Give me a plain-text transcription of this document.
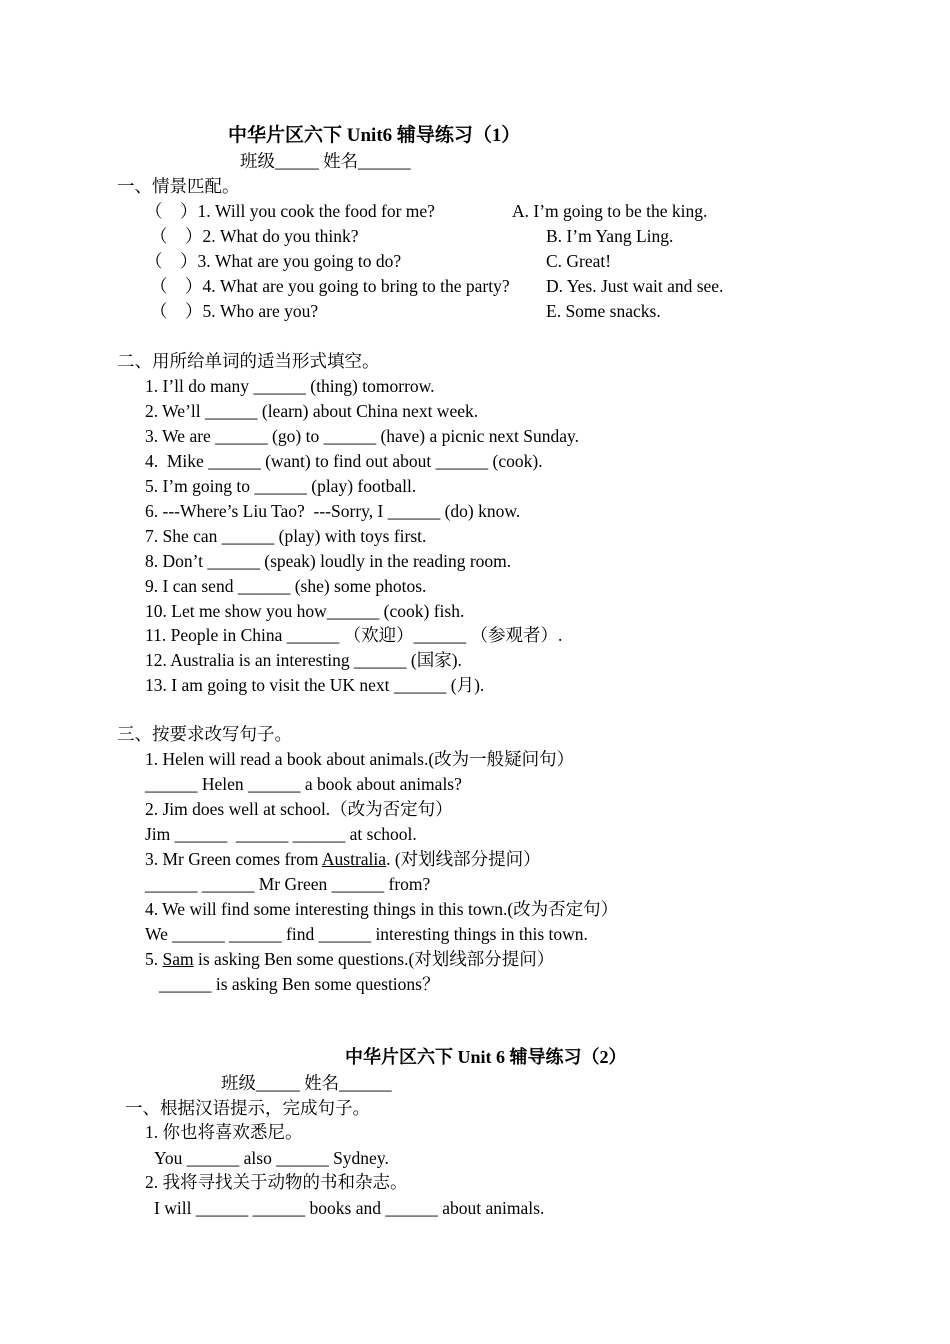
中华片区六下 Unit6 辅导练习（1）
班级_____ 姓名______
一、情景匹配。
（　）1. Will you cook the food for me?
（　）2. What do you think?
（　）3. What are you going to do?
（　）4. What are you going to bring to the party?
（　）5. Who are you?
A. I’m going to be the king.
B. I’m Yang Ling.
C. Great!
D. Yes. Just wait and see.
E. Some snacks.
二、用所给单词的适当形式填空。
1. I’ll do many ______ (thing) tomorrow.
2. We’ll ______ (learn) about China next week.
3. We are ______ (go) to ______ (have) a picnic next Sunday.
4.  Mike ______ (want) to find out about ______ (cook).
5. I’m going to ______ (play) football.
6. ---Where’s Liu Tao?  ---Sorry, I ______ (do) know.
7. She can ______ (play) with toys first.
8. Don’t ______ (speak) loudly in the reading room.
9. I can send ______ (she) some photos.
10. Let me show you how______ (cook) fish.
11. People in China ______ （欢迎）______ （参观者）.
12. Australia is an interesting ______ (国家).
13. I am going to visit the UK next ______ (月).
三、按要求改写句子。
1. Helen will read a book about animals.(改为一般疑问句）
______ Helen ______ a book about animals?
2. Jim does well at school.（改为否定句）
Jim ______  ______ ______ at school.
3. Mr Green comes from Australia. (对划线部分提问）
______ ______ Mr Green ______ from?
4. We will find some interesting things in this town.(改为否定句）
We ______ ______ find ______ interesting things in this town.
5. Sam is asking Ben some questions.(对划线部分提问）
______ is asking Ben some questions？
中华片区六下 Unit 6 辅导练习（2）
班级_____ 姓名______
一、根据汉语提示，完成句子。
1. 你也将喜欢悉尼。
You ______ also ______ Sydney.
2. 我将寻找关于动物的书和杂志。
I will ______ ______ books and ______ about animals.
